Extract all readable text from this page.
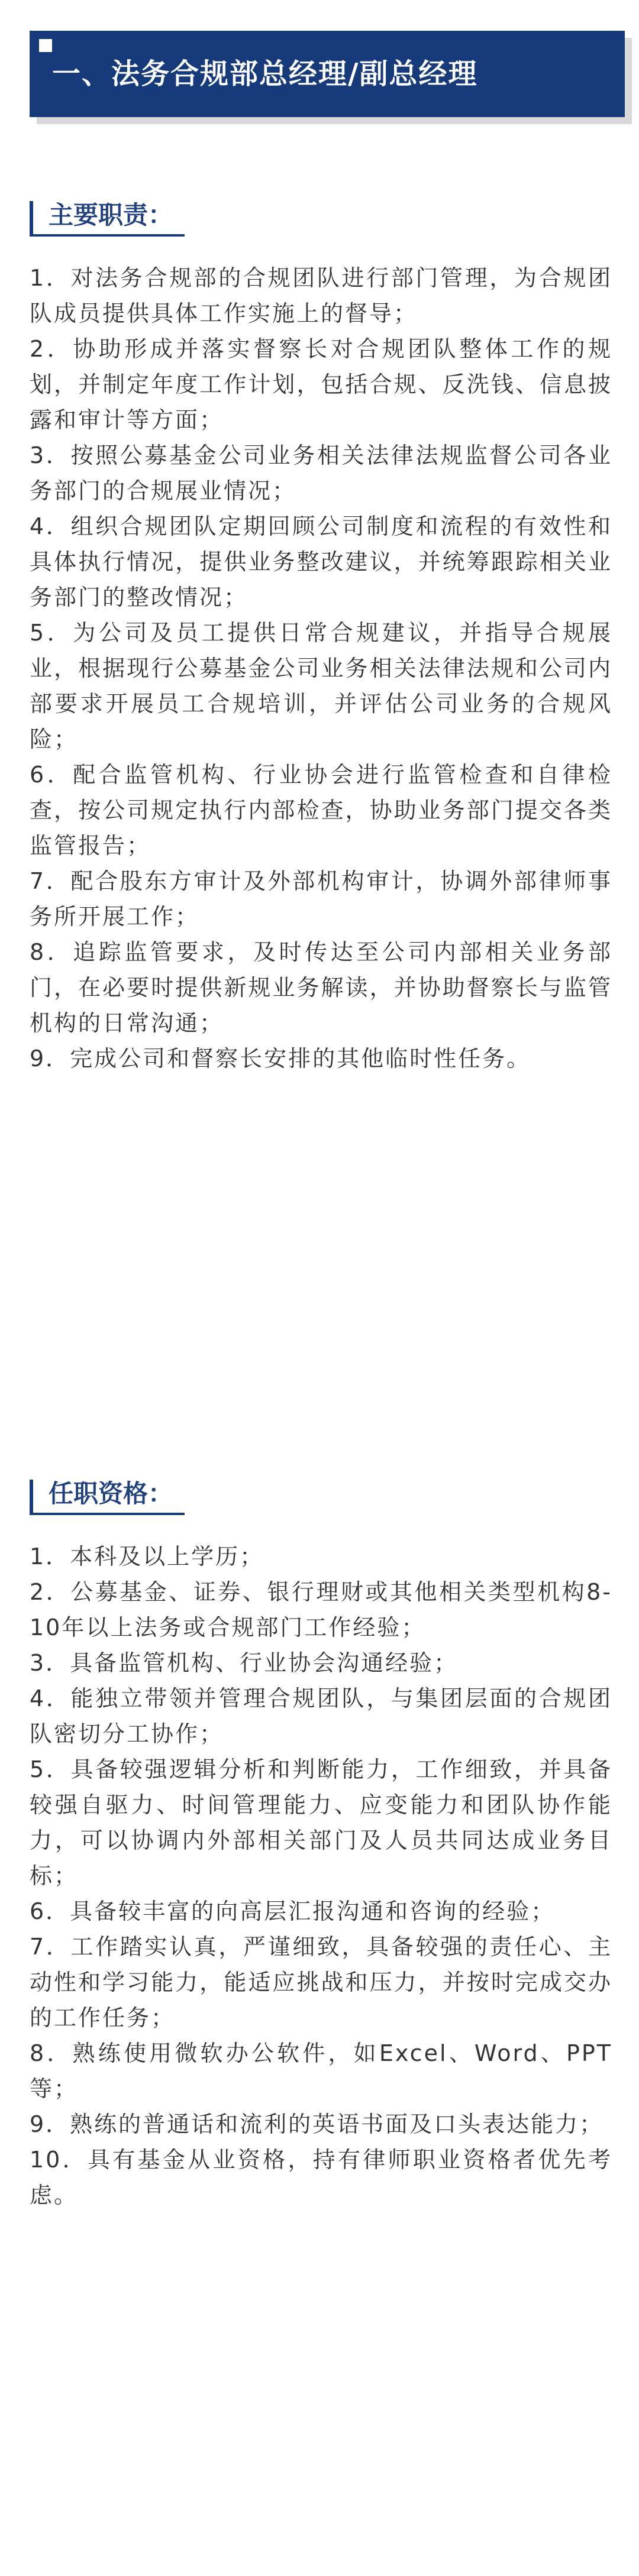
一、法务合规部总经理/副总经理
主要职责：

1．对法务合规部的合规团队进行部门管理，为合规团队成员提供具体工作实施上的督导；

2．协助形成并落实督察长对合规团队整体工作的规划，并制定年度工作计划，包括合规、反洗钱、信息披露和审计等方面；

3．按照公募基金公司业务相关法律法规监督公司各业务部门的合规展业情况；

4．组织合规团队定期回顾公司制度和流程的有效性和具体执行情况，提供业务整改建议，并统筹跟踪相关业务部门的整改情况；

5．为公司及员工提供日常合规建议，并指导合规展业，根据现行公募基金公司业务相关法律法规和公司内部要求开展员工合规培训，并评估公司业务的合规风险；

6．配合监管机构、行业协会进行监管检查和自律检查，按公司规定执行内部检查，协助业务部门提交各类监管报告；

7．配合股东方审计及外部机构审计，协调外部律师事务所开展工作；

8．追踪监管要求，及时传达至公司内部相关业务部门，在必要时提供新规业务解读，并协助督察长与监管机构的日常沟通；

9．完成公司和督察长安排的其他临时性任务。

任职资格：

1．本科及以上学历；

2．公募基金、证券、银行理财或其他相关类型机构8-10年以上法务或合规部门工作经验；

3．具备监管机构、行业协会沟通经验；

4．能独立带领并管理合规团队，与集团层面的合规团队密切分工协作；

5．具备较强逻辑分析和判断能力，工作细致，并具备较强自驱力、时间管理能力、应变能力和团队协作能力，可以协调内外部相关部门及人员共同达成业务目标；

6．具备较丰富的向高层汇报沟通和咨询的经验；

7．工作踏实认真，严谨细致，具备较强的责任心、主动性和学习能力，能适应挑战和压力，并按时完成交办的工作任务；

8．熟练使用微软办公软件，如Excel、Word、PPT等；

9．熟练的普通话和流利的英语书面及口头表达能力；

10．具有基金从业资格，持有律师职业资格者优先考虑。
